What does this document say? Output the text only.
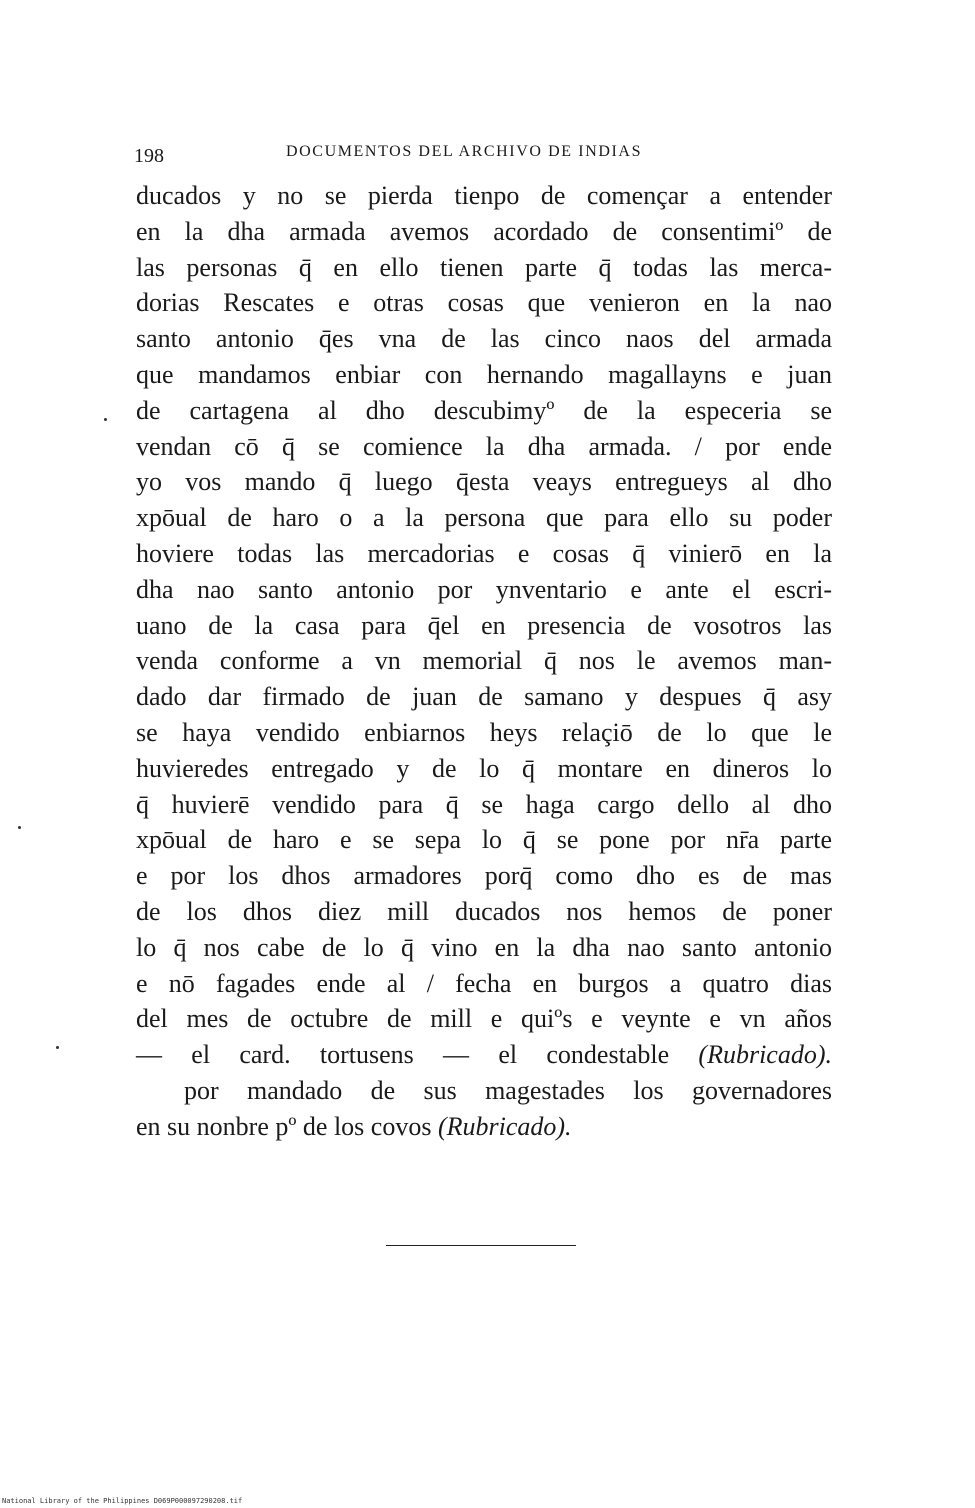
198	DOCUMENTOS DEL ARCHIVO DE INDIAS
ducados y no se pierda tienpo de començar a entender
en la dha armada avemos acordado de consentimiº de
las personas q̄ en ello tienen parte q̄ todas las merca-
dorias Rescates e otras cosas que venieron en la nao
santo antonio q̄es vna de las cinco naos del armada
que mandamos enbiar con hernando magallayns e juan
de cartagena al dho descubimyº de la especeria se
vendan cō q̄ se comience la dha armada. / por ende
yo vos mando q̄ luego q̄esta veays entregueys al dho
xpōual de haro o a la persona que para ello su poder
hoviere todas las mercadorias e cosas q̄ vinierō en la
dha nao santo antonio por ynventario e ante el escri-
uano de la casa para q̄el en presencia de vosotros las
venda conforme a vn memorial q̄ nos le avemos man-
dado dar firmado de juan de samano y despues q̄ asy
se haya vendido enbiarnos heys relaçiō de lo que le
huvieredes entregado y de lo q̄ montare en dineros lo
q̄ huvierē vendido para q̄ se haga cargo dello al dho
xpōual de haro e se sepa lo q̄ se pone por nr̄a parte
e por los dhos armadores porq̄ como dho es de mas
de los dhos diez mill ducados nos hemos de poner
lo q̄ nos cabe de lo q̄ vino en la dha nao santo antonio
e nō fagades ende al / fecha en burgos a quatro dias
del mes de octubre de mill e quiºs e veynte e vn años
— el card. tortusens — el condestable (Rubricado).
por mandado de sus magestades los governadores
en su nonbre pº de los covos (Rubricado).
National Library of the Philippines D069P000097290208.tif
